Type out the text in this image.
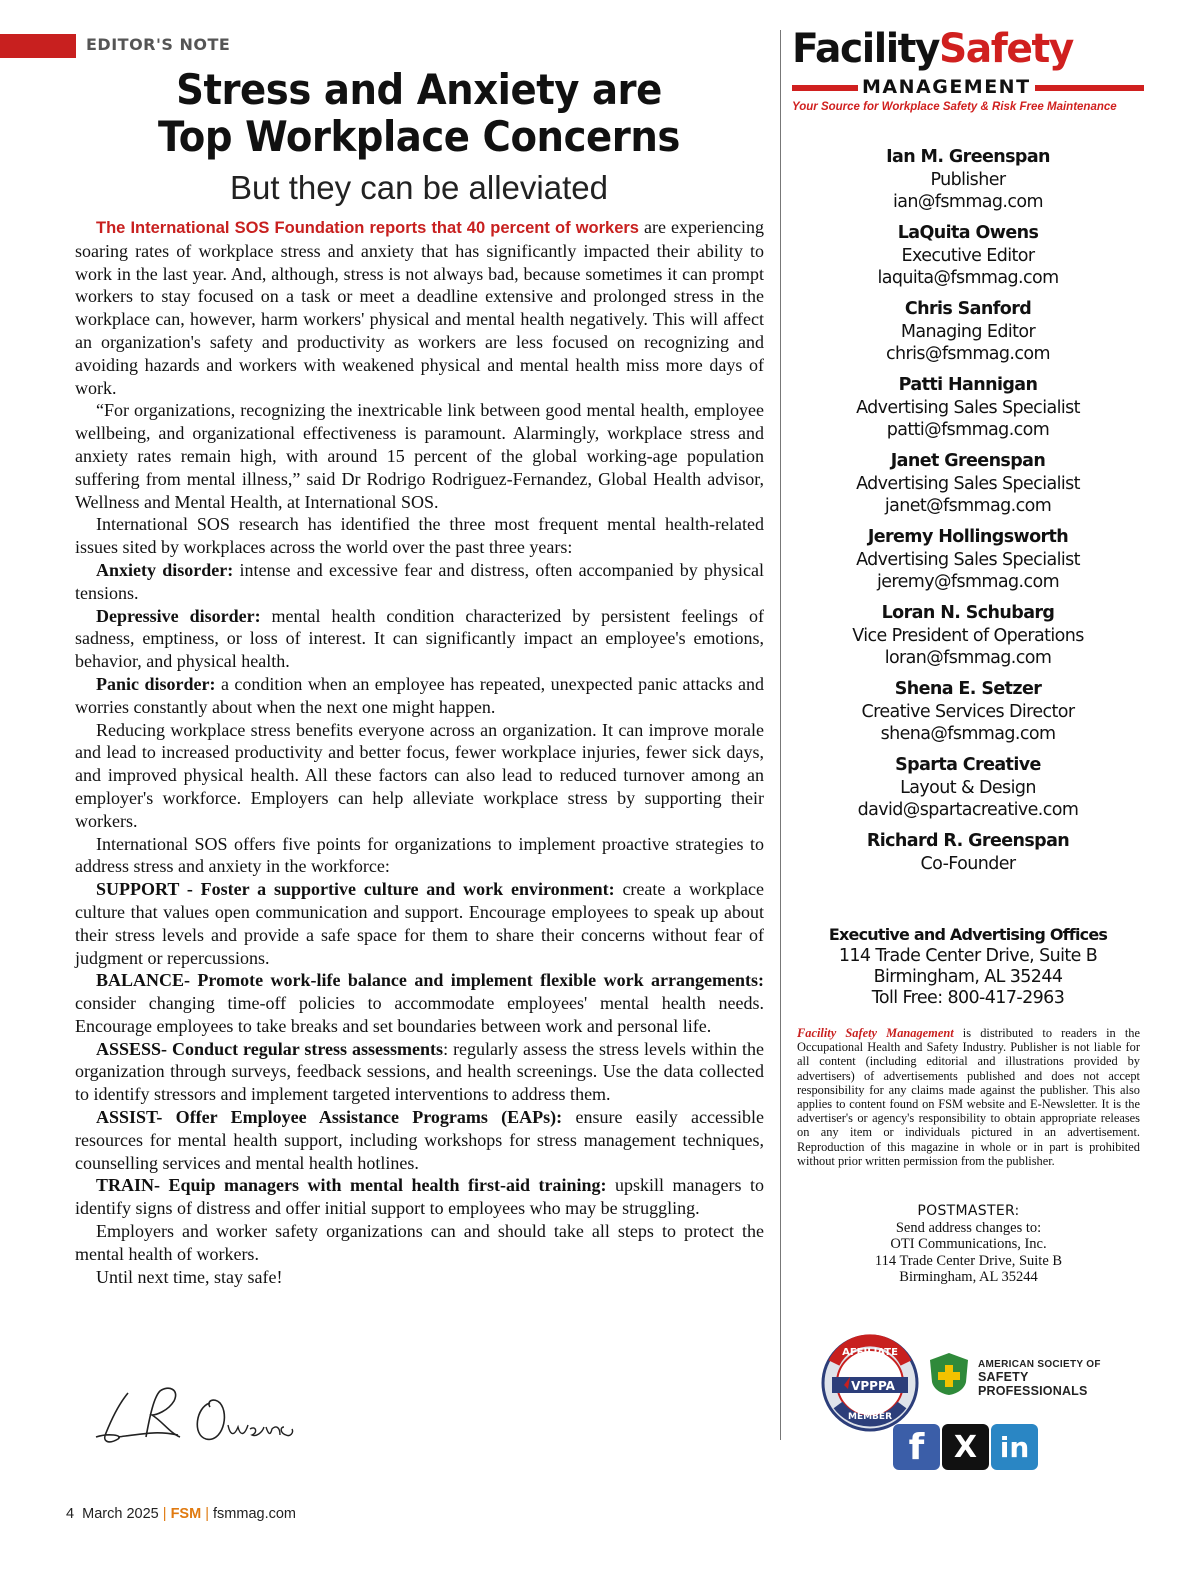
EDITOR'S NOTE
Stress and Anxiety are
Top Workplace Concerns
But they can be alleviated

The International SOS Foundation reports that 40 percent of workers are experiencing soaring rates of workplace stress and anxiety that has significantly impacted their ability to work in the last year. And, although, stress is not always bad, because sometimes it can prompt workers to stay focused on a task or meet a deadline extensive and prolonged stress in the workplace can, however, harm workers' physical and mental health negatively. This will affect an organization's safety and productivity as workers are less focused on recognizing and avoiding hazards and workers with weakened physical and mental health miss more days of work.

“For organizations, recognizing the inextricable link between good mental health, employee wellbeing, and organizational effectiveness is paramount. Alarmingly, workplace stress and anxiety rates remain high, with around 15 percent of the global working-age population suffering from mental illness,” said Dr Rodrigo Rodriguez-Fernandez, Global Health advisor, Wellness and Mental Health, at International SOS.

International SOS research has identified the three most frequent mental health-related issues sited by workplaces across the world over the past three years:

Anxiety disorder: intense and excessive fear and distress, often accompanied by physical tensions.

Depressive disorder: mental health condition characterized by persistent feelings of sadness, emptiness, or loss of interest. It can significantly impact an employee's emotions, behavior, and physical health.

Panic disorder: a condition when an employee has repeated, unexpected panic attacks and worries constantly about when the next one might happen.

Reducing workplace stress benefits everyone across an organization. It can improve morale and lead to increased productivity and better focus, fewer workplace injuries, fewer sick days, and improved physical health. All these factors can also lead to reduced turnover among an employer's workforce. Employers can help alleviate workplace stress by supporting their workers.

International SOS offers five points for organizations to implement proactive strategies to address stress and anxiety in the workforce:

SUPPORT - Foster a supportive culture and work environment: create a workplace culture that values open communication and support. Encourage employees to speak up about their stress levels and provide a safe space for them to share their concerns without fear of judgment or repercussions.

BALANCE- Promote work-life balance and implement flexible work arrangements: consider changing time-off policies to accommodate employees' mental health needs. Encourage employees to take breaks and set boundaries between work and personal life.

ASSESS- Conduct regular stress assessments: regularly assess the stress levels within the organization through surveys, feedback sessions, and health screenings. Use the data collected to identify stressors and implement targeted interventions to address them.

ASSIST- Offer Employee Assistance Programs (EAPs): ensure easily accessible resources for mental health support, including workshops for stress management techniques, counselling services and mental health hotlines.

TRAIN- Equip managers with mental health first-aid training: upskill managers to identify signs of distress and offer initial support to employees who may be struggling.

Employers and worker safety organizations can and should take all steps to protect the mental health of workers.

Until next time, stay safe!

4 March 2025 | FSM | fsmmag.com
FacilitySafety
MANAGEMENT
Your Source for Workplace Safety & Risk Free Maintenance
Ian M. Greenspan
Publisher
ian@fsmmag.com
LaQuita Owens
Executive Editor
laquita@fsmmag.com
Chris Sanford
Managing Editor
chris@fsmmag.com
Patti Hannigan
Advertising Sales Specialist
patti@fsmmag.com
Janet Greenspan
Advertising Sales Specialist
janet@fsmmag.com
Jeremy Hollingsworth
Advertising Sales Specialist
jeremy@fsmmag.com
Loran N. Schubarg
Vice President of Operations
loran@fsmmag.com
Shena E. Setzer
Creative Services Director
shena@fsmmag.com
Sparta Creative
Layout & Design
david@spartacreative.com
Richard R. Greenspan
Co-Founder
Executive and Advertising Offices
114 Trade Center Drive, Suite B
Birmingham, AL 35244
Toll Free: 800-417-2963
Facility Safety Management is distributed to readers in the Occupational Health and Safety Industry. Publisher is not liable for all content (including editorial and illustrations provided by advertisers) of advertisements published and does not accept responsibility for any claims made against the publisher. This also applies to content found on FSM website and E-Newsletter. It is the advertiser's or agency's responsibility to obtain appropriate releases on any item or individuals pictured in an advertisement. Reproduction of this magazine in whole or in part is prohibited without prior written permission from the publisher.
POSTMASTER:
Send address changes to:
OTI Communications, Inc.
114 Trade Center Drive, Suite B
Birmingham, AL 35244
AFFILIATE
VPPPA
MEMBER
AMERICAN SOCIETY OF
SAFETY PROFESSIONALS
f X in
